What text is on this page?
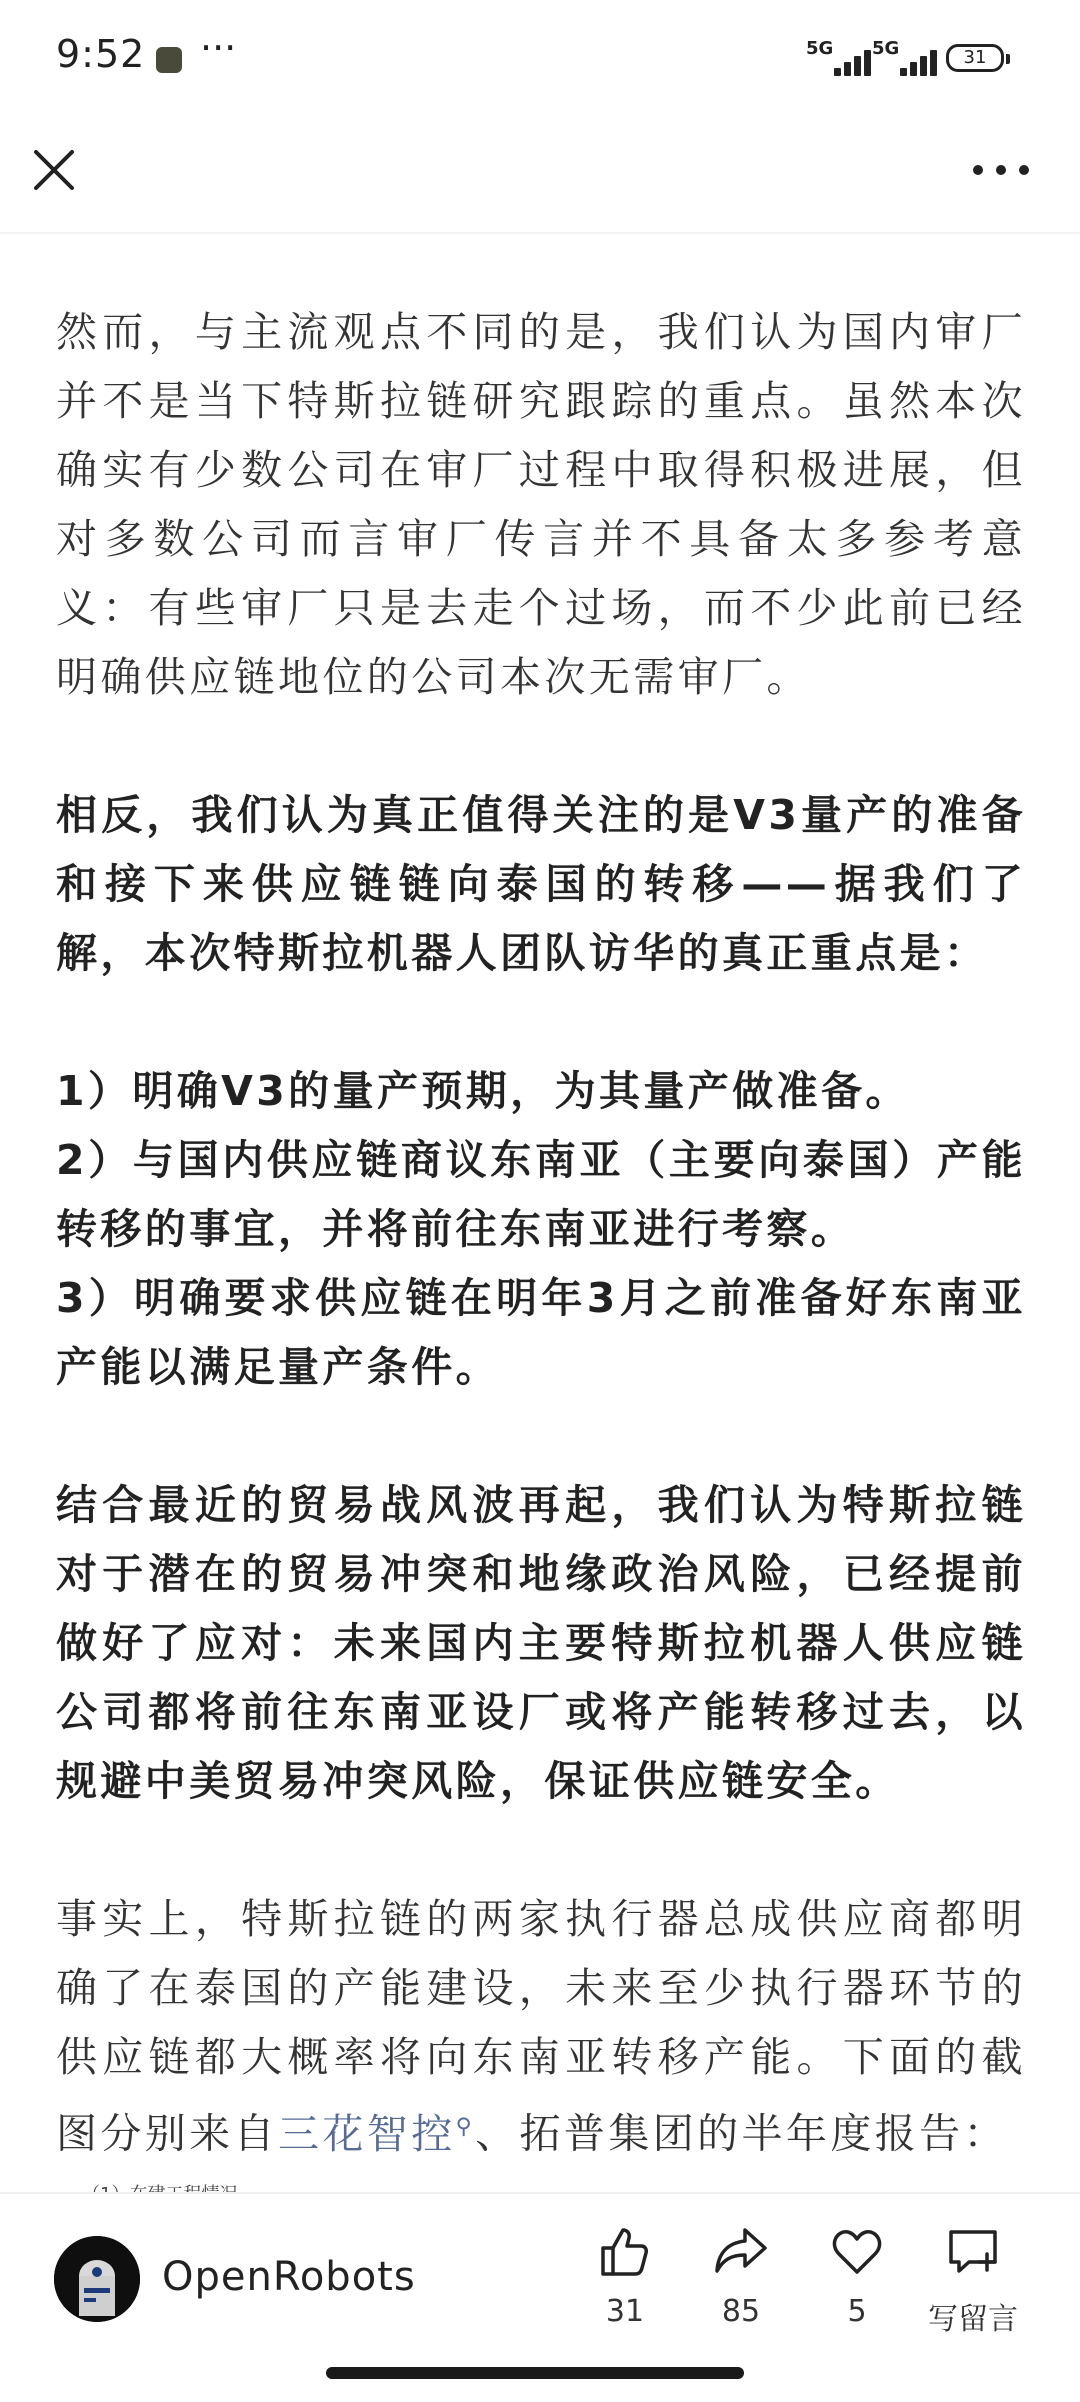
9:52 ···	5G 5G	31

然而，与主流观点不同的是，我们认为国内审厂并不是当下特斯拉链研究跟踪的重点。虽然本次确实有少数公司在审厂过程中取得积极进展，但对多数公司而言审厂传言并不具备太多参考意义：有些审厂只是去走个过场，而不少此前已经明确供应链地位的公司本次无需审厂。

相反，我们认为真正值得关注的是V3量产的准备和接下来供应链链向泰国的转移——据我们了解，本次特斯拉机器人团队访华的真正重点是：

1）明确V3的量产预期，为其量产做准备。

2）与国内供应链商议东南亚（主要向泰国）产能转移的事宜，并将前往东南亚进行考察。

3）明确要求供应链在明年3月之前准备好东南亚产能以满足量产条件。

结合最近的贸易战风波再起，我们认为特斯拉链对于潜在的贸易冲突和地缘政治风险，已经提前做好了应对：未来国内主要特斯拉机器人供应链公司都将前往东南亚设厂或将产能转移过去，以规避中美贸易冲突风险，保证供应链安全。

事实上，特斯拉链的两家执行器总成供应商都明确了在泰国的产能建设，未来至少执行器环节的供应链都大概率将向东南亚转移产能。下面的截图分别来自三花智控⚲、拓普集团的半年度报告：

OpenRobots
31	85	5	写留言
